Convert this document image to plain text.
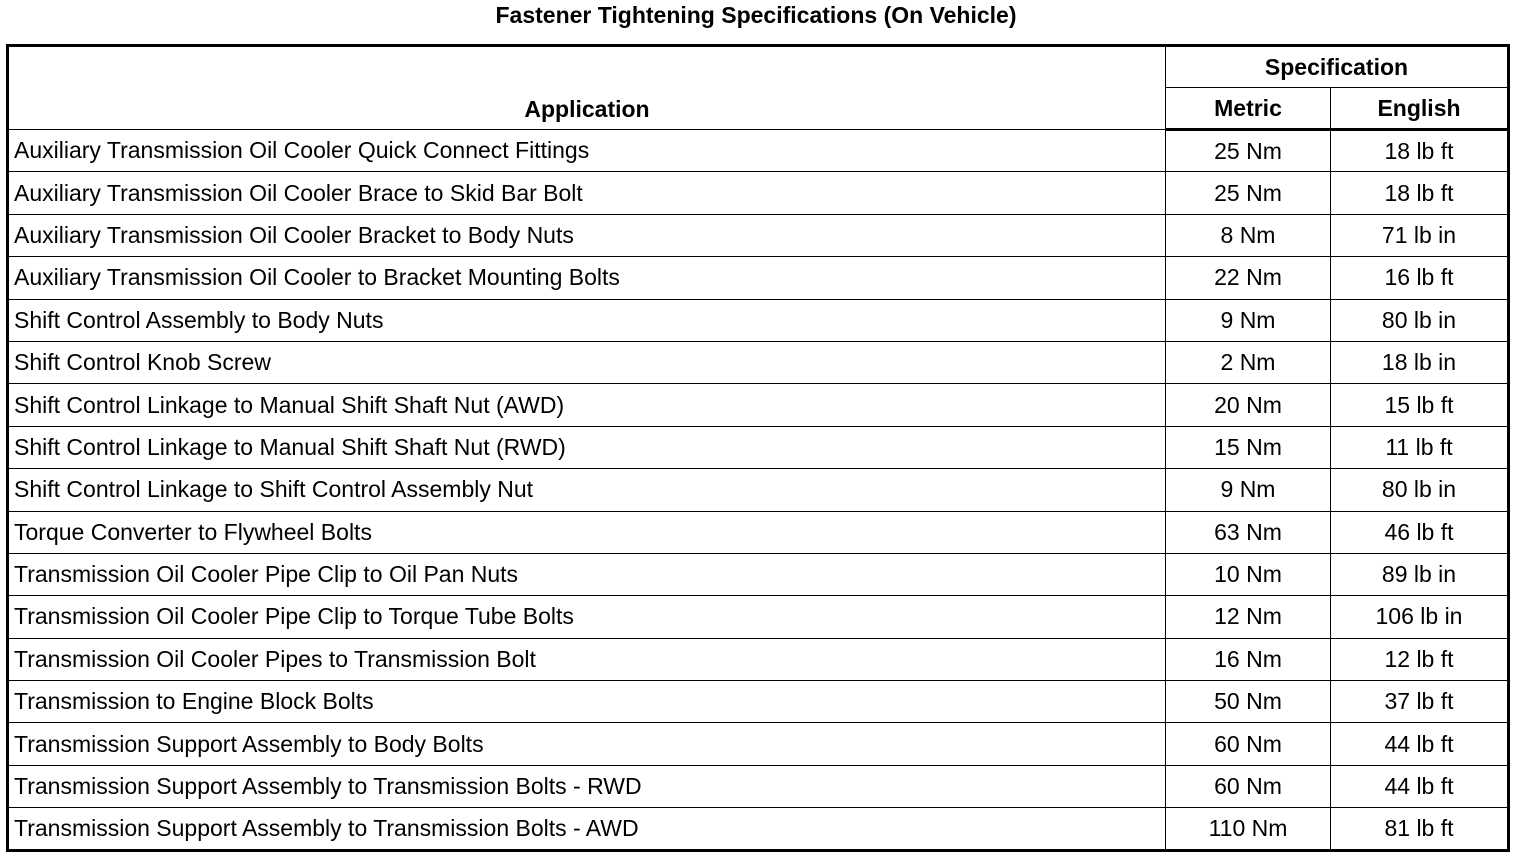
Fastener Tightening Specifications (On Vehicle)
Application	Specification	
	Metric	English
Auxiliary Transmission Oil Cooler Quick Connect Fittings	25 Nm	18 lb ft
Auxiliary Transmission Oil Cooler Brace to Skid Bar Bolt	25 Nm	18 lb ft
Auxiliary Transmission Oil Cooler Bracket to Body Nuts	8 Nm	71 lb in
Auxiliary Transmission Oil Cooler to Bracket Mounting Bolts	22 Nm	16 lb ft
Shift Control Assembly to Body Nuts	9 Nm	80 lb in
Shift Control Knob Screw	2 Nm	18 lb in
Shift Control Linkage to Manual Shift Shaft Nut (AWD)	20 Nm	15 lb ft
Shift Control Linkage to Manual Shift Shaft Nut (RWD)	15 Nm	11 lb ft
Shift Control Linkage to Shift Control Assembly Nut	9 Nm	80 lb in
Torque Converter to Flywheel Bolts	63 Nm	46 lb ft
Transmission Oil Cooler Pipe Clip to Oil Pan Nuts	10 Nm	89 lb in
Transmission Oil Cooler Pipe Clip to Torque Tube Bolts	12 Nm	106 lb in
Transmission Oil Cooler Pipes to Transmission Bolt	16 Nm	12 lb ft
Transmission to Engine Block Bolts	50 Nm	37 lb ft
Transmission Support Assembly to Body Bolts	60 Nm	44 lb ft
Transmission Support Assembly to Transmission Bolts - RWD	60 Nm	44 lb ft
Transmission Support Assembly to Transmission Bolts - AWD	110 Nm	81 lb ft
